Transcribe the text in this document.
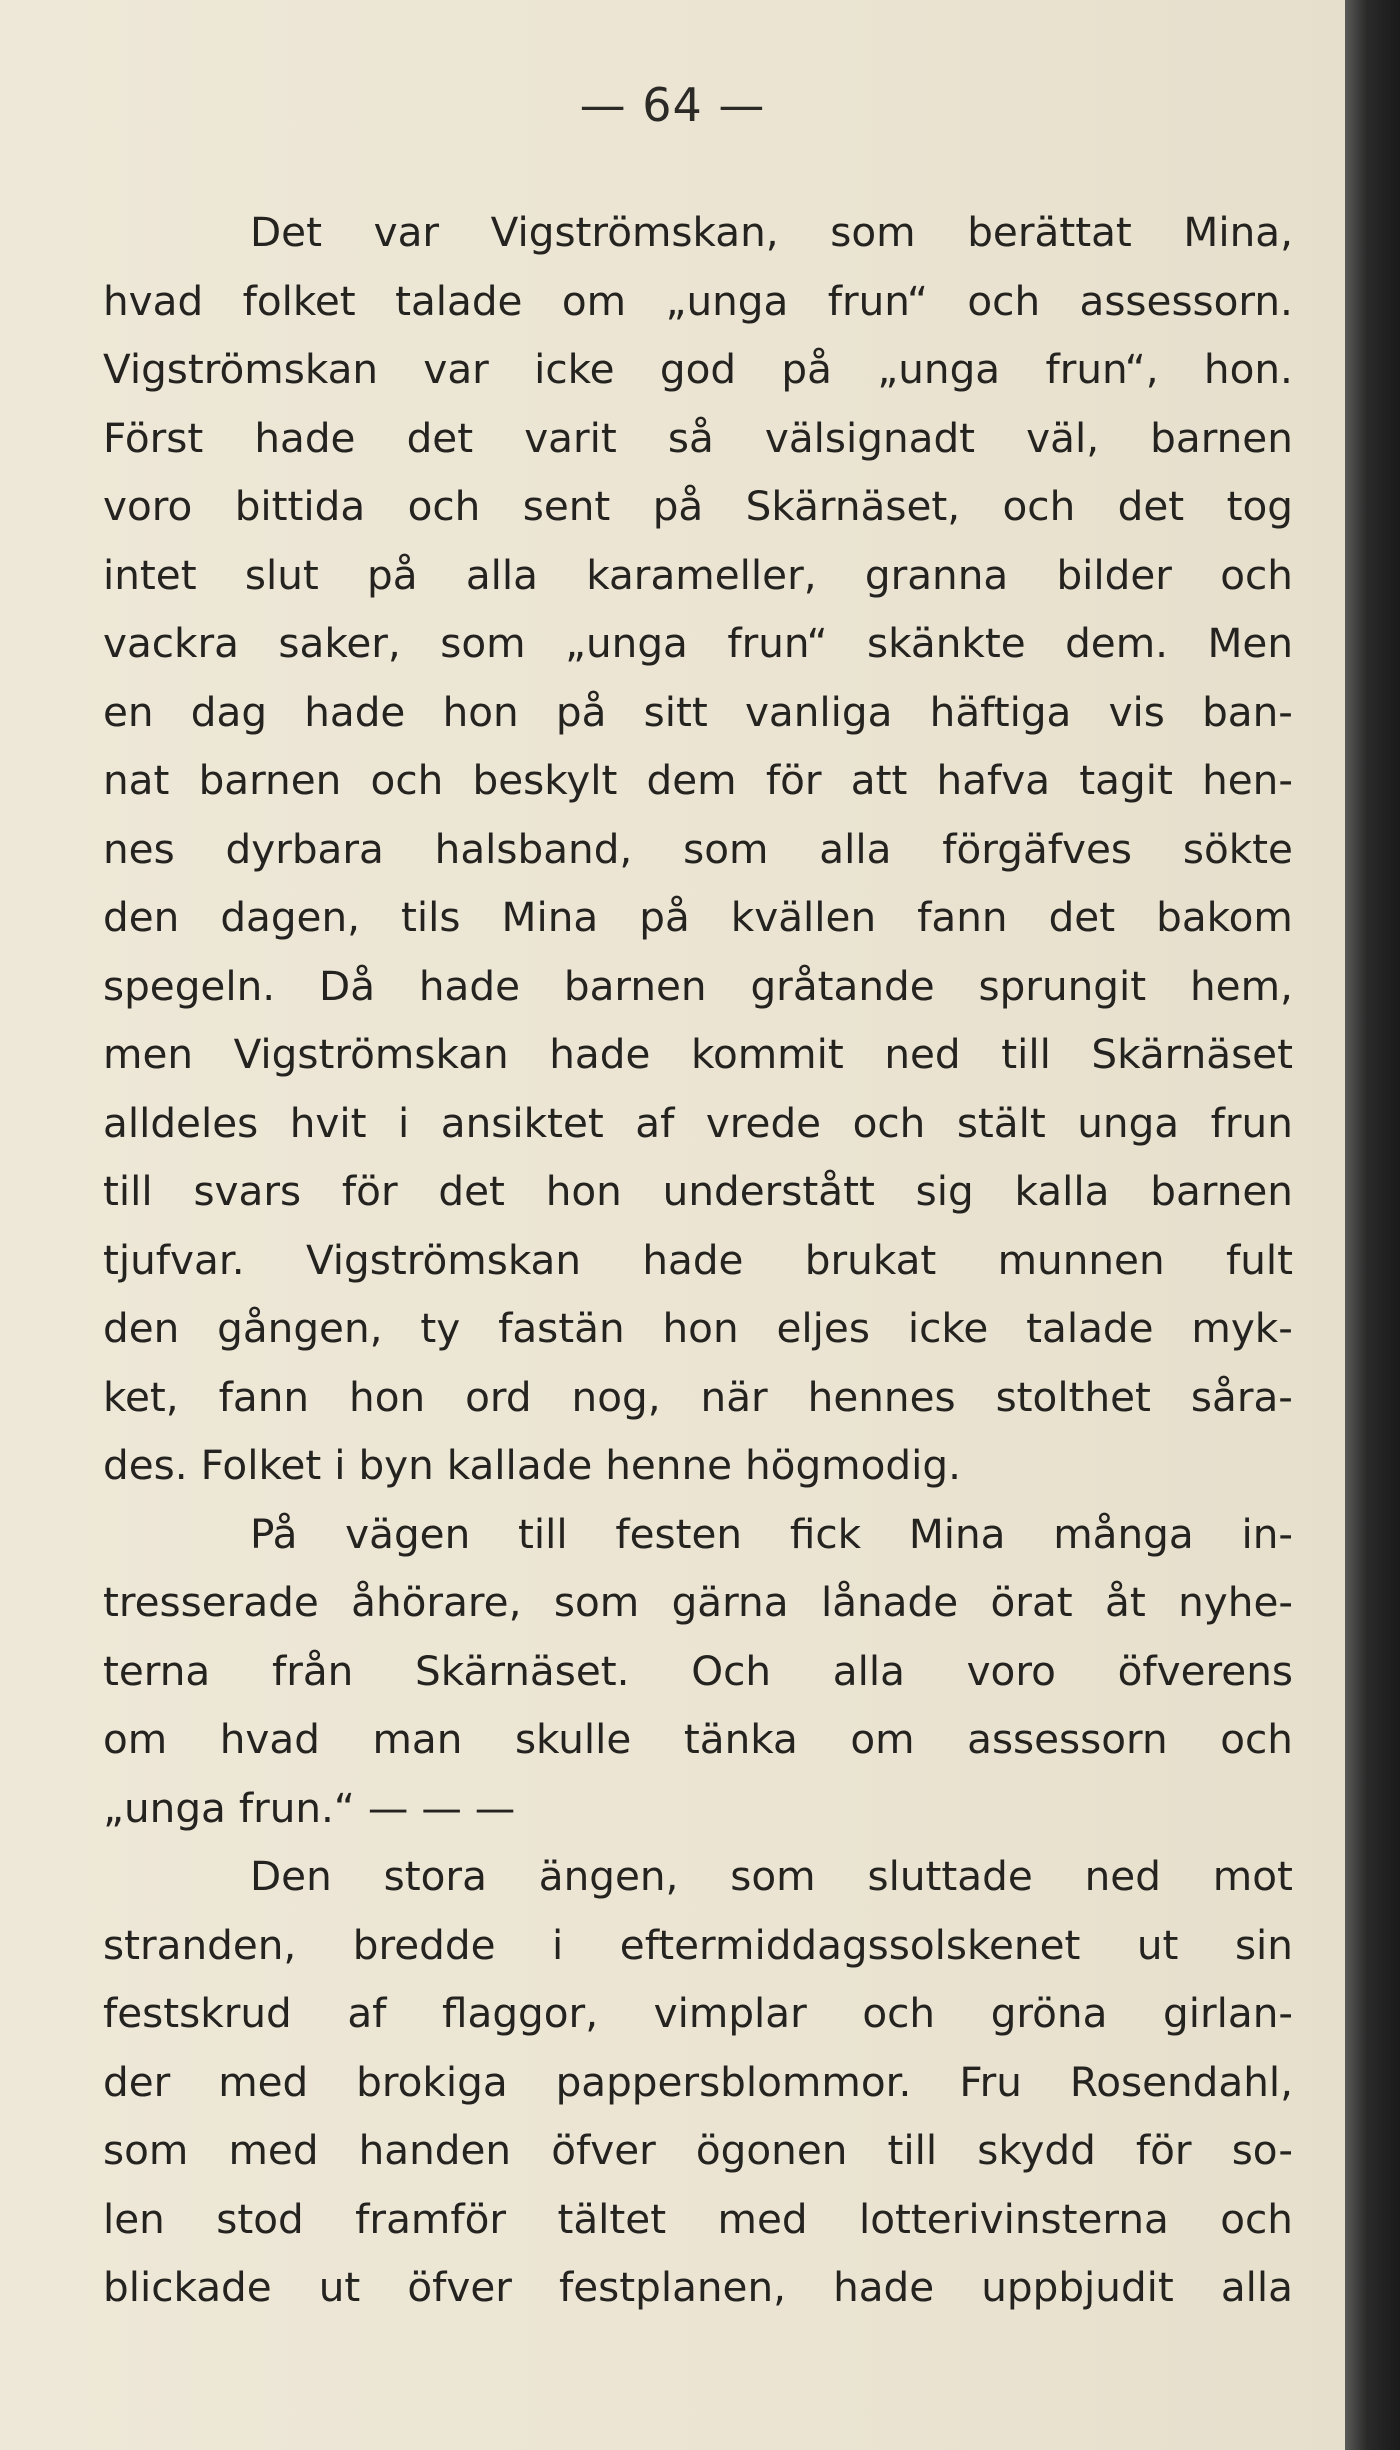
— 64 —
Det var Vigströmskan, som berättat Mina,
hvad folket talade om „unga frun“ och assessorn.
Vigströmskan var icke god på „unga frun“, hon.
Först hade det varit så välsignadt väl, barnen
voro bittida och sent på Skärnäset, och det tog
intet slut på alla karameller, granna bilder och
vackra saker, som „unga frun“ skänkte dem. Men
en dag hade hon på sitt vanliga häftiga vis ban-
nat barnen och beskylt dem för att hafva tagit hen-
nes dyrbara halsband, som alla förgäfves sökte
den dagen, tils Mina på kvällen fann det bakom
spegeln. Då hade barnen gråtande sprungit hem,
men Vigströmskan hade kommit ned till Skärnäset
alldeles hvit i ansiktet af vrede och stält unga frun
till svars för det hon understått sig kalla barnen
tjufvar. Vigströmskan hade brukat munnen fult
den gången, ty fastän hon eljes icke talade myk-
ket, fann hon ord nog, när hennes stolthet såra-
des. Folket i byn kallade henne högmodig.
På vägen till festen fick Mina många in-
tresserade åhörare, som gärna lånade örat åt nyhe-
terna från Skärnäset. Och alla voro öfverens
om hvad man skulle tänka om assessorn och
„unga frun.“ — — —
Den stora ängen, som sluttade ned mot
stranden, bredde i eftermiddagssolskenet ut sin
festskrud af flaggor, vimplar och gröna girlan-
der med brokiga pappersblommor. Fru Rosendahl,
som med handen öfver ögonen till skydd för so-
len stod framför tältet med lotterivinsterna och
blickade ut öfver festplanen, hade uppbjudit alla
